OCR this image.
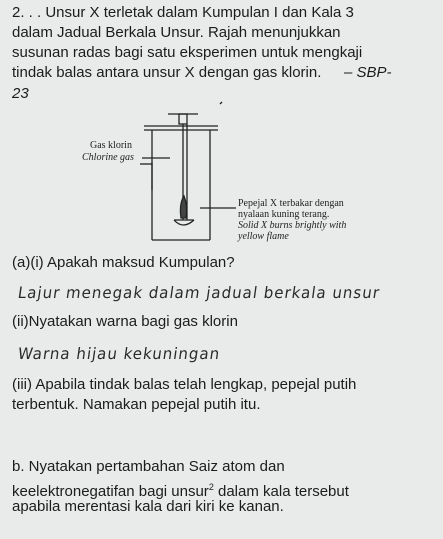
2. . . Unsur X terletak dalam Kumpulan I dan Kala 3
dalam Jadual Berkala Unsur. Rajah menunjukkan
susunan radas bagi satu eksperimen untuk mengkaji
tindak balas antara unsur X dengan gas klorin. – SBP-
23
Gas klorin
Chlorine gas
Pepejal X terbakar dengan
nyalaan kuning terang.
Solid X burns brightly with
yellow flame
(a)(i) Apakah maksud Kumpulan?
Lajur menegak dalam jadual berkala unsur
(ii)Nyatakan warna bagi gas klorin
Warna hijau kekuningan
(iii) Apabila tindak balas telah lengkap, pepejal putih
terbentuk. Namakan pepejal putih itu.
b. Nyatakan pertambahan Saiz atom dan
keelektronegatifan bagi unsur$^2$ dalam kala tersebut
apabila merentasi kala dari kiri ke kanan.
